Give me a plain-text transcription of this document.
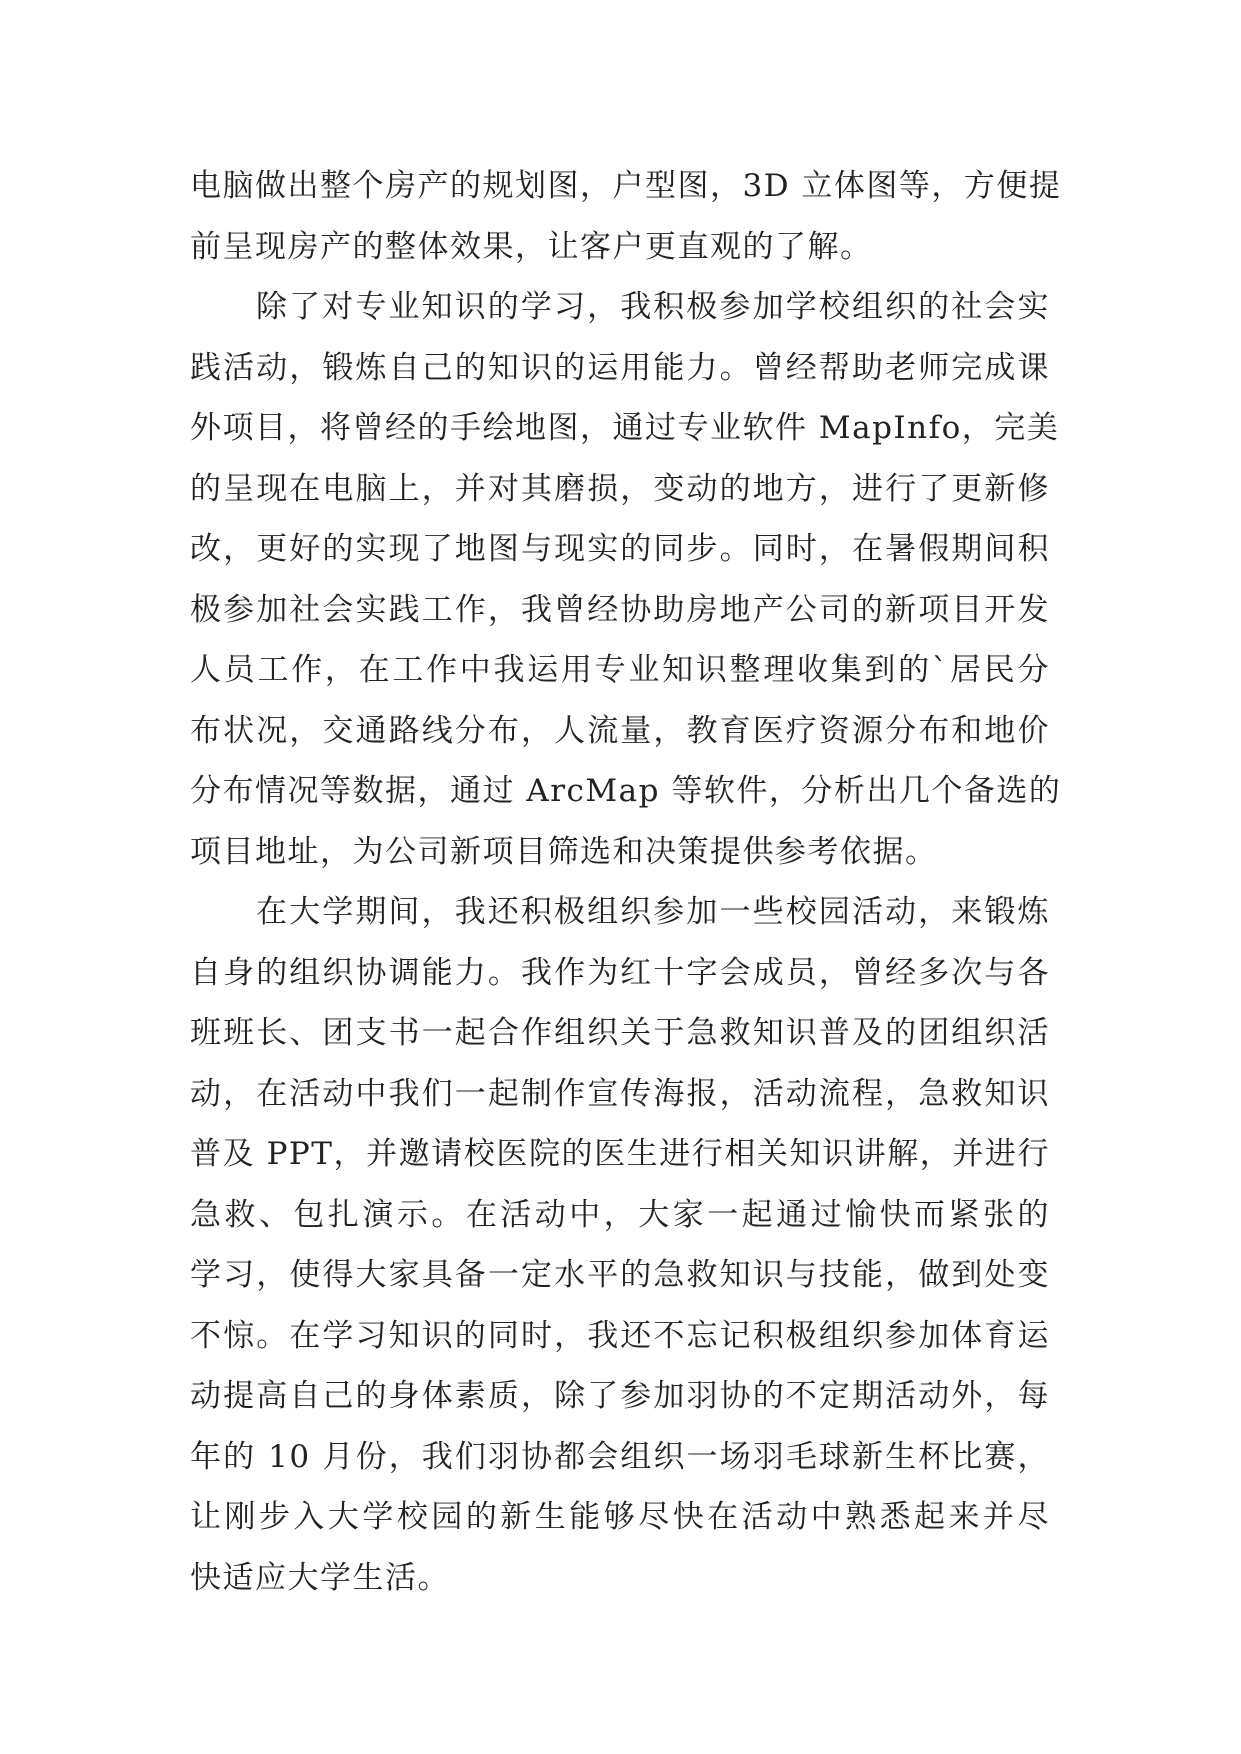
电脑做出整个房产的规划图，户型图，3D 立体图等，方便提
前呈现房产的整体效果，让客户更直观的了解。
除了对专业知识的学习，我积极参加学校组织的社会实
践活动，锻炼自己的知识的运用能力。曾经帮助老师完成课
外项目，将曾经的手绘地图，通过专业软件 MapInfo，完美
的呈现在电脑上，并对其磨损，变动的地方，进行了更新修
改，更好的实现了地图与现实的同步。同时，在暑假期间积
极参加社会实践工作，我曾经协助房地产公司的新项目开发
人员工作，在工作中我运用专业知识整理收集到的`居民分
布状况，交通路线分布，人流量，教育医疗资源分布和地价
分布情况等数据，通过 ArcMap 等软件，分析出几个备选的
项目地址，为公司新项目筛选和决策提供参考依据。
在大学期间，我还积极组织参加一些校园活动，来锻炼
自身的组织协调能力。我作为红十字会成员，曾经多次与各
班班长、团支书一起合作组织关于急救知识普及的团组织活
动，在活动中我们一起制作宣传海报，活动流程，急救知识
普及 PPT，并邀请校医院的医生进行相关知识讲解，并进行
急救、包扎演示。在活动中，大家一起通过愉快而紧张的
学习，使得大家具备一定水平的急救知识与技能，做到处变
不惊。在学习知识的同时，我还不忘记积极组织参加体育运
动提高自己的身体素质，除了参加羽协的不定期活动外，每
年的 10 月份，我们羽协都会组织一场羽毛球新生杯比赛，
让刚步入大学校园的新生能够尽快在活动中熟悉起来并尽
快适应大学生活。
